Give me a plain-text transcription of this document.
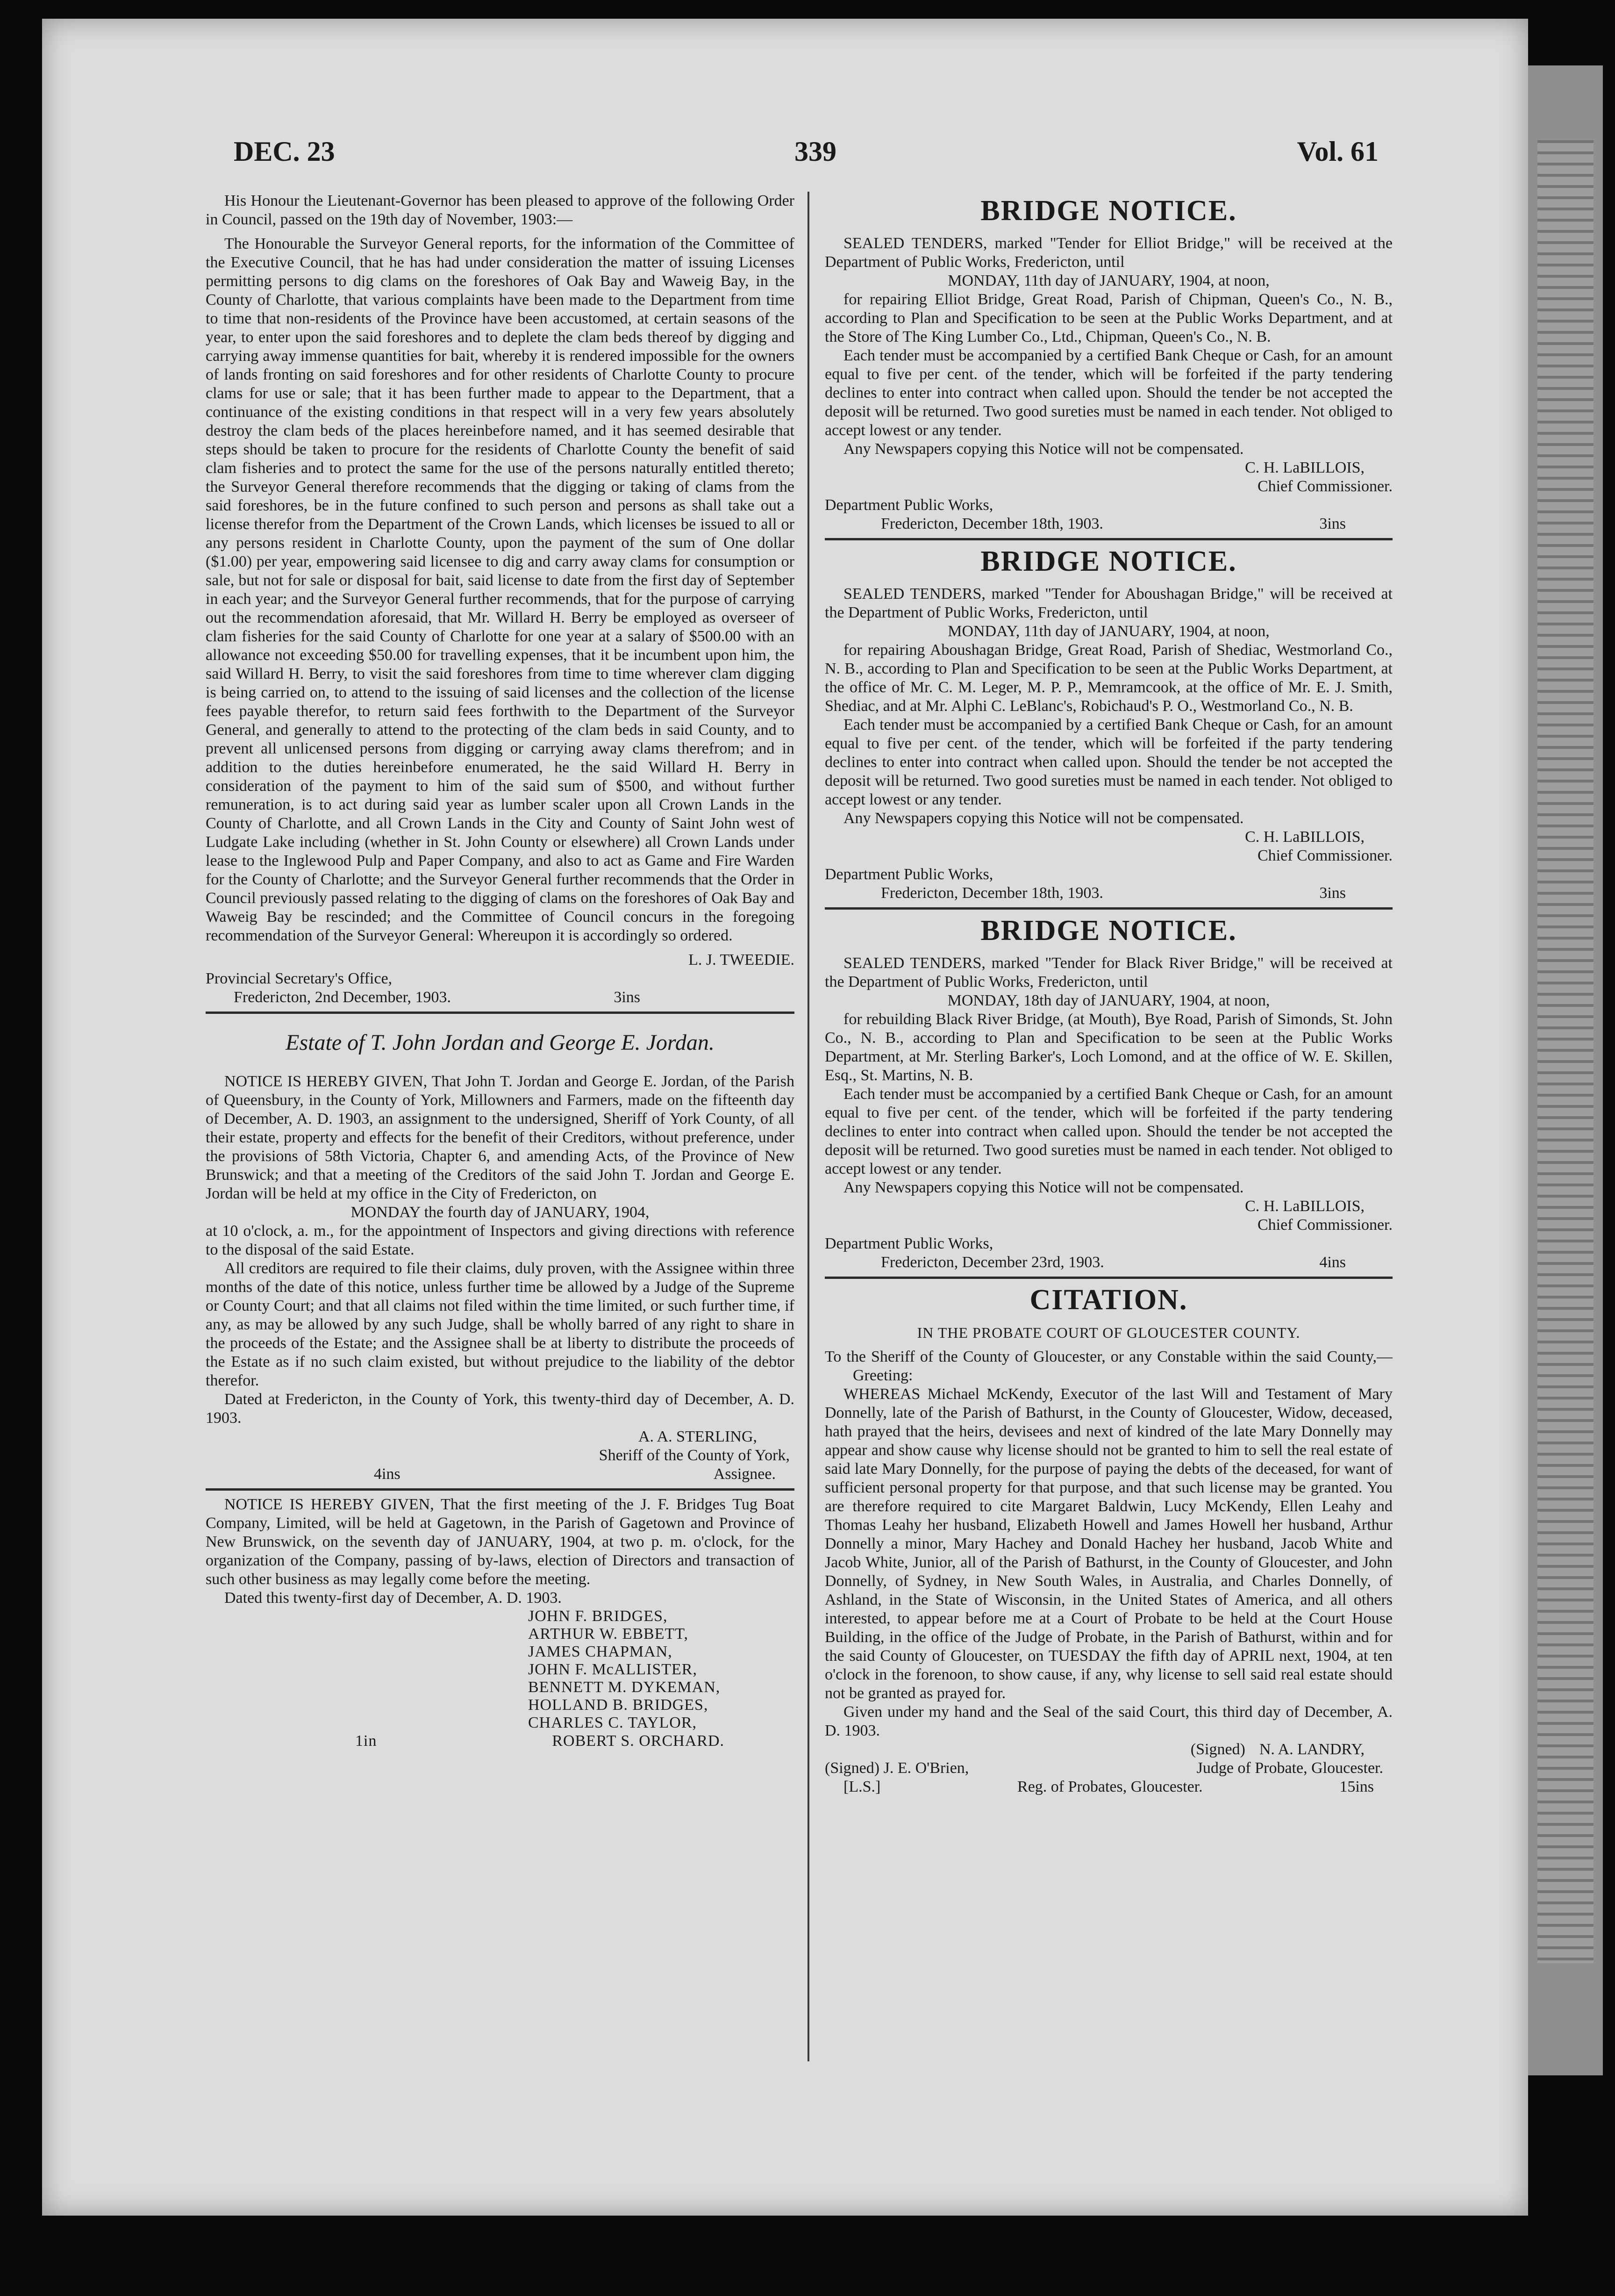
DEC. 23	339	Vol. 61

His Honour the Lieutenant-Governor has been pleased to approve of the following Order in Council, passed on the 19th day of November, 1903:—

The Honourable the Surveyor General reports, for the information of the Committee of the Executive Council, that he has had under consideration the matter of issuing Licenses permitting persons to dig clams on the foreshores of Oak Bay and Waweig Bay, in the County of Charlotte, that various complaints have been made to the Department from time to time that non-residents of the Province have been accustomed, at certain seasons of the year, to enter upon the said foreshores and to deplete the clam beds thereof by digging and carrying away immense quantities for bait, whereby it is rendered impossible for the owners of lands fronting on said foreshores and for other residents of Charlotte County to procure clams for use or sale; that it has been further made to appear to the Department, that a continuance of the existing conditions in that respect will in a very few years absolutely destroy the clam beds of the places hereinbefore named, and it has seemed desirable that steps should be taken to procure for the residents of Charlotte County the benefit of said clam fisheries and to protect the same for the use of the persons naturally entitled thereto; the Surveyor General therefore recommends that the digging or taking of clams from the said foreshores, be in the future confined to such person and persons as shall take out a license therefor from the Department of the Crown Lands, which licenses be issued to all or any persons resident in Charlotte County, upon the payment of the sum of One dollar ($1.00) per year, empowering said licensee to dig and carry away clams for consumption or sale, but not for sale or disposal for bait, said license to date from the first day of September in each year; and the Surveyor General further recommends, that for the purpose of carrying out the recommendation aforesaid, that Mr. Willard H. Berry be employed as overseer of clam fisheries for the said County of Charlotte for one year at a salary of $500.00 with an allowance not exceeding $50.00 for travelling expenses, that it be incumbent upon him, the said Willard H. Berry, to visit the said foreshores from time to time wherever clam digging is being carried on, to attend to the issuing of said licenses and the collection of the license fees payable therefor, to return said fees forthwith to the Department of the Surveyor General, and generally to attend to the protecting of the clam beds in said County, and to prevent all unlicensed persons from digging or carrying away clams therefrom; and in addition to the duties hereinbefore enumerated, he the said Willard H. Berry in consideration of the payment to him of the said sum of $500, and without further remuneration, is to act during said year as lumber scaler upon all Crown Lands in the County of Charlotte, and all Crown Lands in the City and County of Saint John west of Ludgate Lake including (whether in St. John County or elsewhere) all Crown Lands under lease to the Inglewood Pulp and Paper Company, and also to act as Game and Fire Warden for the County of Charlotte; and the Surveyor General further recommends that the Order in Council previously passed relating to the digging of clams on the foreshores of Oak Bay and Waweig Bay be rescinded; and the Committee of Council concurs in the foregoing recommendation of the Surveyor General: Whereupon it is accordingly so ordered.

L. J. TWEEDIE.

Provincial Secretary's Office,

Fredericton, 2nd December, 1903.	3ins
Estate of T. John Jordan and George E. Jordan.

NOTICE IS HEREBY GIVEN, That John T. Jordan and George E. Jordan, of the Parish of Queensbury, in the County of York, Millowners and Farmers, made on the fifteenth day of December, A. D. 1903, an assignment to the undersigned, Sheriff of York County, of all their estate, property and effects for the benefit of their Creditors, without preference, under the provisions of 58th Victoria, Chapter 6, and amending Acts, of the Province of New Brunswick; and that a meeting of the Creditors of the said John T. Jordan and George E. Jordan will be held at my office in the City of Fredericton, on

MONDAY the fourth day of JANUARY, 1904,

at 10 o'clock, a. m., for the appointment of Inspectors and giving directions with reference to the disposal of the said Estate.

All creditors are required to file their claims, duly proven, with the Assignee within three months of the date of this notice, unless further time be allowed by a Judge of the Supreme or County Court; and that all claims not filed within the time limited, or such further time, if any, as may be allowed by any such Judge, shall be wholly barred of any right to share in the proceeds of the Estate; and the Assignee shall be at liberty to distribute the proceeds of the Estate as if no such claim existed, but without prejudice to the liability of the debtor therefor.

Dated at Fredericton, in the County of York, this twenty-third day of December, A. D. 1903.

A. A. STERLING,

Sheriff of the County of York,

4ins	Assignee.

NOTICE IS HEREBY GIVEN, That the first meeting of the J. F. Bridges Tug Boat Company, Limited, will be held at Gagetown, in the Parish of Gagetown and Province of New Brunswick, on the seventh day of JANUARY, 1904, at two p. m. o'clock, for the organization of the Company, passing of by-laws, election of Directors and transaction of such other business as may legally come before the meeting.

Dated this twenty-first day of December, A. D. 1903.

JOHN F. BRIDGES,
ARTHUR W. EBBETT,
JAMES CHAPMAN,
JOHN F. McALLISTER,
BENNETT M. DYKEMAN,
HOLLAND B. BRIDGES,
CHARLES C. TAYLOR,
1in	ROBERT S. ORCHARD.
BRIDGE NOTICE.

SEALED TENDERS, marked "Tender for Elliot Bridge," will be received at the Department of Public Works, Fredericton, until

MONDAY, 11th day of JANUARY, 1904, at noon,

for repairing Elliot Bridge, Great Road, Parish of Chipman, Queen's Co., N. B., according to Plan and Specification to be seen at the Public Works Department, and at the Store of The King Lumber Co., Ltd., Chipman, Queen's Co., N. B.

Each tender must be accompanied by a certified Bank Cheque or Cash, for an amount equal to five per cent. of the tender, which will be forfeited if the party tendering declines to enter into contract when called upon. Should the tender be not accepted the deposit will be returned. Two good sureties must be named in each tender. Not obliged to accept lowest or any tender.

Any Newspapers copying this Notice will not be compensated.

C. H. LaBILLOIS,

Chief Commissioner.

Department Public Works,

Fredericton, December 18th, 1903.	3ins
BRIDGE NOTICE.

SEALED TENDERS, marked "Tender for Aboushagan Bridge," will be received at the Department of Public Works, Fredericton, until

MONDAY, 11th day of JANUARY, 1904, at noon,

for repairing Aboushagan Bridge, Great Road, Parish of Shediac, Westmorland Co., N. B., according to Plan and Specification to be seen at the Public Works Department, at the office of Mr. C. M. Leger, M. P. P., Memramcook, at the office of Mr. E. J. Smith, Shediac, and at Mr. Alphi C. LeBlanc's, Robichaud's P. O., Westmorland Co., N. B.

Each tender must be accompanied by a certified Bank Cheque or Cash, for an amount equal to five per cent. of the tender, which will be forfeited if the party tendering declines to enter into contract when called upon. Should the tender be not accepted the deposit will be returned. Two good sureties must be named in each tender. Not obliged to accept lowest or any tender.

Any Newspapers copying this Notice will not be compensated.

C. H. LaBILLOIS,

Chief Commissioner.

Department Public Works,

Fredericton, December 18th, 1903.	3ins
BRIDGE NOTICE.

SEALED TENDERS, marked "Tender for Black River Bridge," will be received at the Department of Public Works, Fredericton, until

MONDAY, 18th day of JANUARY, 1904, at noon,

for rebuilding Black River Bridge, (at Mouth), Bye Road, Parish of Simonds, St. John Co., N. B., according to Plan and Specification to be seen at the Public Works Department, at Mr. Sterling Barker's, Loch Lomond, and at the office of W. E. Skillen, Esq., St. Martins, N. B.

Each tender must be accompanied by a certified Bank Cheque or Cash, for an amount equal to five per cent. of the tender, which will be forfeited if the party tendering declines to enter into contract when called upon. Should the tender be not accepted the deposit will be returned. Two good sureties must be named in each tender. Not obliged to accept lowest or any tender.

Any Newspapers copying this Notice will not be compensated.

C. H. LaBILLOIS,

Chief Commissioner.

Department Public Works,

Fredericton, December 23rd, 1903.	4ins
CITATION.

IN THE PROBATE COURT OF GLOUCESTER COUNTY.

To the Sheriff of the County of Gloucester, or any Constable within the said County,—Greeting:

WHEREAS Michael McKendy, Executor of the last Will and Testament of Mary Donnelly, late of the Parish of Bathurst, in the County of Gloucester, Widow, deceased, hath prayed that the heirs, devisees and next of kindred of the late Mary Donnelly may appear and show cause why license should not be granted to him to sell the real estate of said late Mary Donnelly, for the purpose of paying the debts of the deceased, for want of sufficient personal property for that purpose, and that such license may be granted. You are therefore required to cite Margaret Baldwin, Lucy McKendy, Ellen Leahy and Thomas Leahy her husband, Elizabeth Howell and James Howell her husband, Arthur Donnelly a minor, Mary Hachey and Donald Hachey her husband, Jacob White and Jacob White, Junior, all of the Parish of Bathurst, in the County of Gloucester, and John Donnelly, of Sydney, in New South Wales, in Australia, and Charles Donnelly, of Ashland, in the State of Wisconsin, in the United States of America, and all others interested, to appear before me at a Court of Probate to be held at the Court House Building, in the office of the Judge of Probate, in the Parish of Bathurst, within and for the said County of Gloucester, on TUESDAY the fifth day of APRIL next, 1904, at ten o'clock in the forenoon, to show cause, if any, why license to sell said real estate should not be granted as prayed for.

Given under my hand and the Seal of the said Court, this third day of December, A. D. 1903.

(Signed) N. A. LANDRY,
(Signed) J. E. O'Brien,	Judge of Probate, Gloucester.
[L.S.]	Reg. of Probates, Gloucester.	15ins
